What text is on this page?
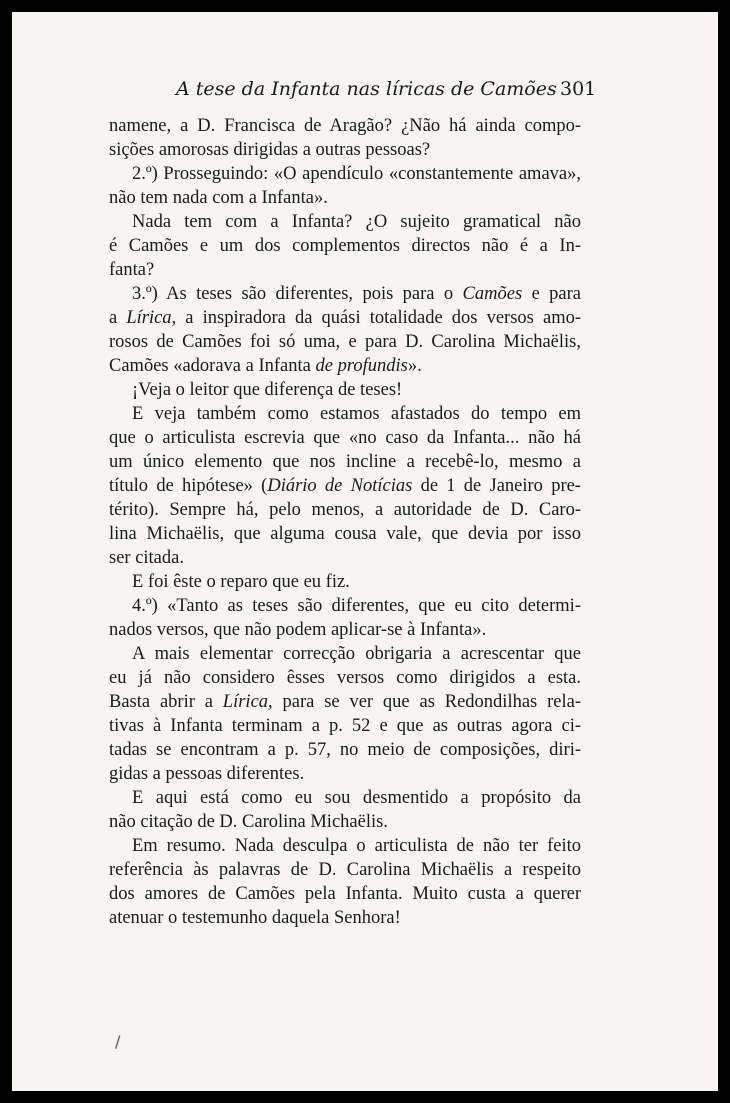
A tese da Infanta nas líricas de Camões 301
namene, a D. Francisca de Aragão? ¿Não há ainda compo-
sições amorosas dirigidas a outras pessoas?
2.º) Prosseguindo: «O apendículo «constantemente amava»,
não tem nada com a Infanta».
Nada tem com a Infanta? ¿O sujeito gramatical não
é Camões e um dos complementos directos não é a In-
fanta?
3.º) As teses são diferentes, pois para o Camões e para
a Lírica, a inspiradora da quási totalidade dos versos amo-
rosos de Camões foi só uma, e para D. Carolina Michaëlis,
Camões «adorava a Infanta de profundis».
¡Veja o leitor que diferença de teses!
E veja também como estamos afastados do tempo em
que o articulista escrevia que «no caso da Infanta... não há
um único elemento que nos incline a recebê-lo, mesmo a
título de hipótese» (Diário de Notícias de 1 de Janeiro pre-
térito). Sempre há, pelo menos, a autoridade de D. Caro-
lina Michaëlis, que alguma cousa vale, que devia por isso
ser citada.
E foi êste o reparo que eu fiz.
4.º) «Tanto as teses são diferentes, que eu cito determi-
nados versos, que não podem aplicar-se à Infanta».
A mais elementar correcção obrigaria a acrescentar que
eu já não considero êsses versos como dirigidos a esta.
Basta abrir a Lírica, para se ver que as Redondilhas rela-
tivas à Infanta terminam a p. 52 e que as outras agora ci-
tadas se encontram a p. 57, no meio de composições, diri-
gidas a pessoas diferentes.
E aqui está como eu sou desmentido a propósito da
não citação de D. Carolina Michaëlis.
Em resumo. Nada desculpa o articulista de não ter feito
referência às palavras de D. Carolina Michaëlis a respeito
dos amores de Camões pela Infanta. Muito custa a querer
atenuar o testemunho daquela Senhora!
/
